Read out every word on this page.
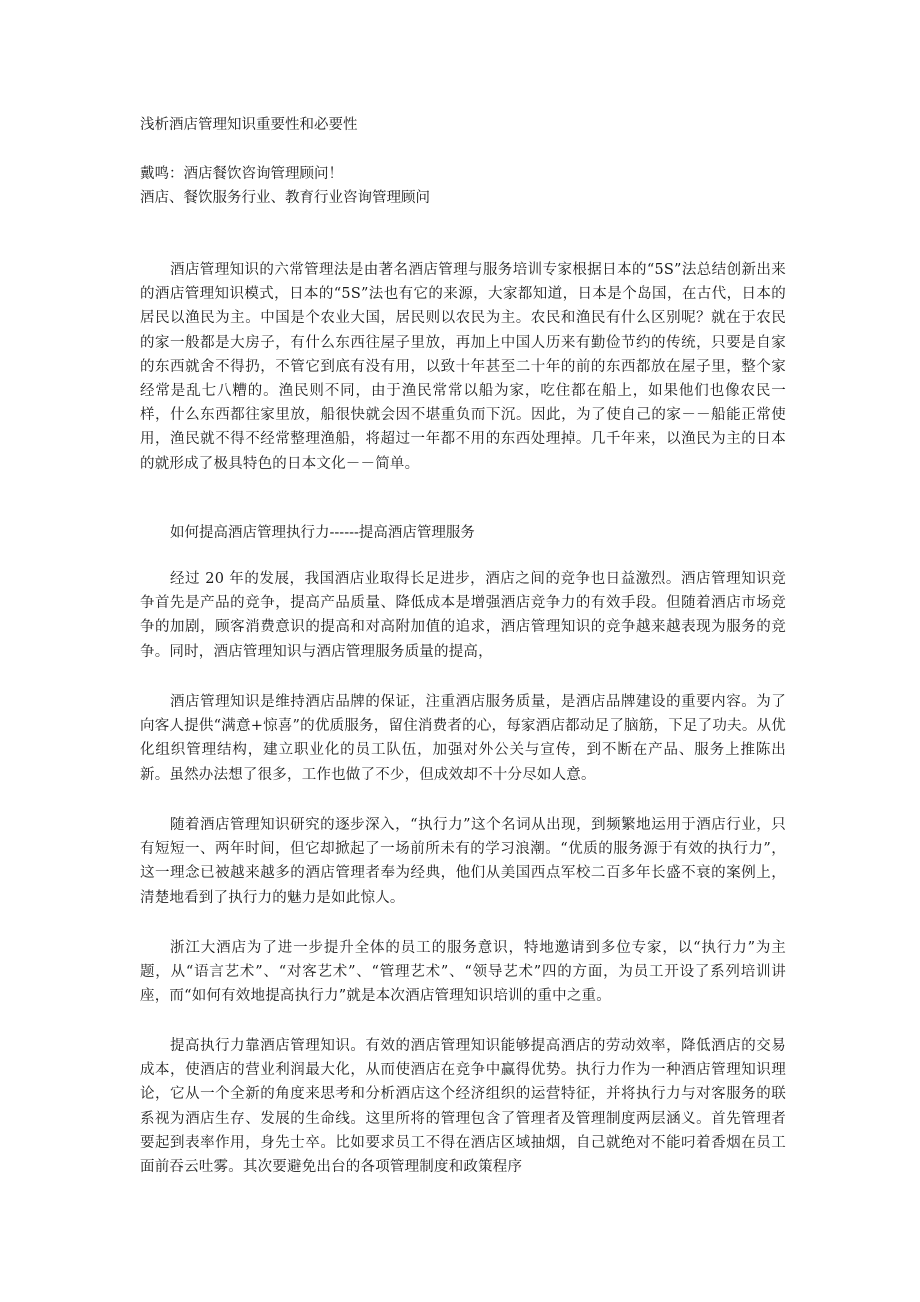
浅析酒店管理知识重要性和必要性
戴鸣：酒店餐饮咨询管理顾问！
酒店、餐饮服务行业、教育行业咨询管理顾问

酒店管理知识的六常管理法是由著名酒店管理与服务培训专家根据日本的“5S”法总结创新出来的酒店管理知识模式，日本的“5S”法也有它的来源，大家都知道，日本是个岛国，在古代，日本的居民以渔民为主。中国是个农业大国，居民则以农民为主。农民和渔民有什么区别呢？就在于农民的家一般都是大房子，有什么东西往屋子里放，再加上中国人历来有勤俭节约的传统，只要是自家的东西就舍不得扔，不管它到底有没有用，以致十年甚至二十年的前的东西都放在屋子里，整个家经常是乱七八糟的。渔民则不同，由于渔民常常以船为家，吃住都在船上，如果他们也像农民一样，什么东西都往家里放，船很快就会因不堪重负而下沉。因此，为了使自己的家－－船能正常使用，渔民就不得不经常整理渔船，将超过一年都不用的东西处理掉。几千年来，以渔民为主的日本的就形成了极具特色的日本文化－－简单。

如何提高酒店管理执行力------提高酒店管理服务

经过 20 年的发展，我国酒店业取得长足进步，酒店之间的竞争也日益激烈。酒店管理知识竞争首先是产品的竞争，提高产品质量、降低成本是增强酒店竞争力的有效手段。但随着酒店市场竞争的加剧，顾客消费意识的提高和对高附加值的追求，酒店管理知识的竞争越来越表现为服务的竞争。同时，酒店管理知识与酒店管理服务质量的提高，

酒店管理知识是维持酒店品牌的保证，注重酒店服务质量，是酒店品牌建设的重要内容。为了向客人提供“满意+惊喜”的优质服务，留住消费者的心，每家酒店都动足了脑筋，下足了功夫。从优化组织管理结构，建立职业化的员工队伍，加强对外公关与宣传，到不断在产品、服务上推陈出新。虽然办法想了很多，工作也做了不少，但成效却不十分尽如人意。

随着酒店管理知识研究的逐步深入，“执行力”这个名词从出现，到频繁地运用于酒店行业，只有短短一、两年时间，但它却掀起了一场前所未有的学习浪潮。“优质的服务源于有效的执行力”，这一理念已被越来越多的酒店管理者奉为经典，他们从美国西点军校二百多年长盛不衰的案例上，清楚地看到了执行力的魅力是如此惊人。

浙江大酒店为了进一步提升全体的员工的服务意识，特地邀请到多位专家，以“执行力”为主题，从“语言艺术”、“对客艺术”、“管理艺术”、“领导艺术”四的方面，为员工开设了系列培训讲座，而“如何有效地提高执行力”就是本次酒店管理知识培训的重中之重。

提高执行力靠酒店管理知识。有效的酒店管理知识能够提高酒店的劳动效率，降低酒店的交易成本，使酒店的营业利润最大化，从而使酒店在竞争中赢得优势。执行力作为一种酒店管理知识理论，它从一个全新的角度来思考和分析酒店这个经济组织的运营特征，并将执行力与对客服务的联系视为酒店生存、发展的生命线。这里所将的管理包含了管理者及管理制度两层涵义。首先管理者要起到表率作用，身先士卒。比如要求员工不得在酒店区域抽烟，自己就绝对不能叼着香烟在员工面前吞云吐雾。其次要避免出台的各项管理制度和政策程序
